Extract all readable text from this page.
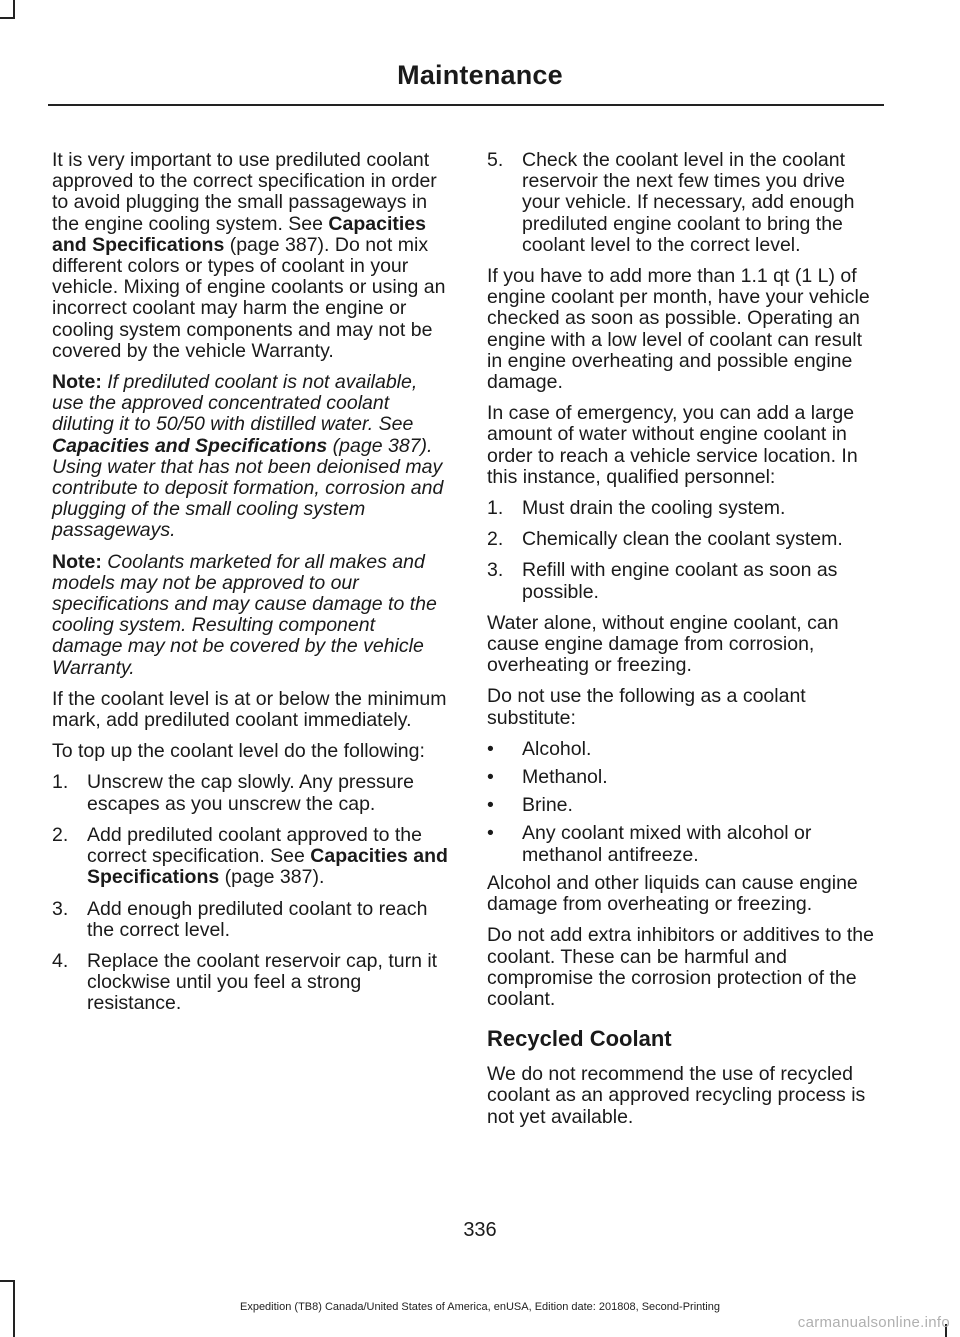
Maintenance

It is very important to use prediluted coolant approved to the correct specification in order to avoid plugging the small passageways in the engine cooling system. See Capacities and Specifications (page 387). Do not mix different colors or types of coolant in your vehicle. Mixing of engine coolants or using an incorrect coolant may harm the engine or cooling system components and may not be covered by the vehicle Warranty.

Note: If prediluted coolant is not available, use the approved concentrated coolant diluting it to 50/50 with distilled water. See Capacities and Specifications (page 387). Using water that has not been deionised may contribute to deposit formation, corrosion and plugging of the small cooling system passageways.

Note: Coolants marketed for all makes and models may not be approved to our specifications and may cause damage to the cooling system. Resulting component damage may not be covered by the vehicle Warranty.

If the coolant level is at or below the minimum mark, add prediluted coolant immediately.

To top up the coolant level do the following:

1. Unscrew the cap slowly. Any pressure escapes as you unscrew the cap.
2. Add prediluted coolant approved to the correct specification. See Capacities and Specifications (page 387).
3. Add enough prediluted coolant to reach the correct level.
4. Replace the coolant reservoir cap, turn it clockwise until you feel a strong resistance.
5. Check the coolant level in the coolant reservoir the next few times you drive your vehicle. If necessary, add enough prediluted engine coolant to bring the coolant level to the correct level.

If you have to add more than 1.1 qt (1 L) of engine coolant per month, have your vehicle checked as soon as possible. Operating an engine with a low level of coolant can result in engine overheating and possible engine damage.

In case of emergency, you can add a large amount of water without engine coolant in order to reach a vehicle service location. In this instance, qualified personnel:

1. Must drain the cooling system.
2. Chemically clean the coolant system.
3. Refill with engine coolant as soon as possible.

Water alone, without engine coolant, can cause engine damage from corrosion, overheating or freezing.

Do not use the following as a coolant substitute:

• Alcohol.
• Methanol.
• Brine.
• Any coolant mixed with alcohol or methanol antifreeze.

Alcohol and other liquids can cause engine damage from overheating or freezing.

Do not add extra inhibitors or additives to the coolant. These can be harmful and compromise the corrosion protection of the coolant.

Recycled Coolant

We do not recommend the use of recycled coolant as an approved recycling process is not yet available.

336
Expedition (TB8) Canada/United States of America, enUSA, Edition date: 201808, Second-Printing
carmanualsonline.info
